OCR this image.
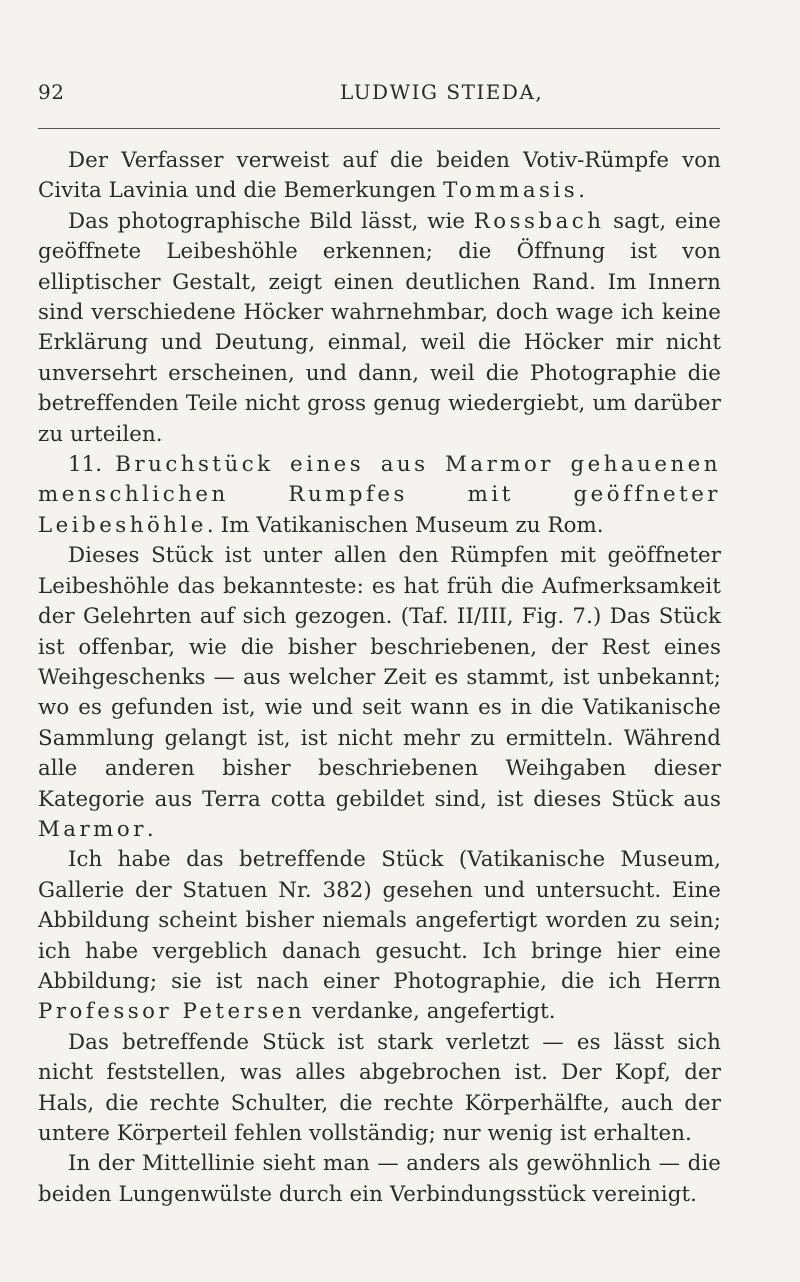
92	LUDWIG STIEDA,

Der Verfasser verweist auf die beiden Votiv-Rümpfe von Civita Lavinia und die Bemerkungen Tommasis.

Das photographische Bild lässt, wie Rossbach sagt, eine geöffnete Leibeshöhle erkennen; die Öffnung ist von elliptischer Gestalt, zeigt einen deutlichen Rand. Im Innern sind verschiedene Höcker wahrnehmbar, doch wage ich keine Erklärung und Deutung, einmal, weil die Höcker mir nicht unversehrt erscheinen, und dann, weil die Photographie die betreffenden Teile nicht gross genug wiedergiebt, um darüber zu urteilen.

11. Bruchstück eines aus Marmor gehauenen menschlichen Rumpfes mit geöffneter Leibeshöhle. Im Vatikanischen Museum zu Rom.

Dieses Stück ist unter allen den Rümpfen mit geöffneter Leibeshöhle das bekannteste: es hat früh die Aufmerksamkeit der Gelehrten auf sich gezogen. (Taf. II/III, Fig. 7.) Das Stück ist offenbar, wie die bisher beschriebenen, der Rest eines Weihgeschenks — aus welcher Zeit es stammt, ist unbekannt; wo es gefunden ist, wie und seit wann es in die Vatikanische Sammlung gelangt ist, ist nicht mehr zu ermitteln. Während alle anderen bisher beschriebenen Weihgaben dieser Kategorie aus Terra cotta gebildet sind, ist dieses Stück aus Marmor.

Ich habe das betreffende Stück (Vatikanische Museum, Gallerie der Statuen Nr. 382) gesehen und untersucht. Eine Abbildung scheint bisher niemals angefertigt worden zu sein; ich habe vergeblich danach gesucht. Ich bringe hier eine Abbildung; sie ist nach einer Photographie, die ich Herrn Professor Petersen verdanke, angefertigt.

Das betreffende Stück ist stark verletzt — es lässt sich nicht feststellen, was alles abgebrochen ist. Der Kopf, der Hals, die rechte Schulter, die rechte Körperhälfte, auch der untere Körperteil fehlen vollständig; nur wenig ist erhalten.

In der Mittellinie sieht man — anders als gewöhnlich — die beiden Lungenwülste durch ein Verbindungsstück vereinigt.
